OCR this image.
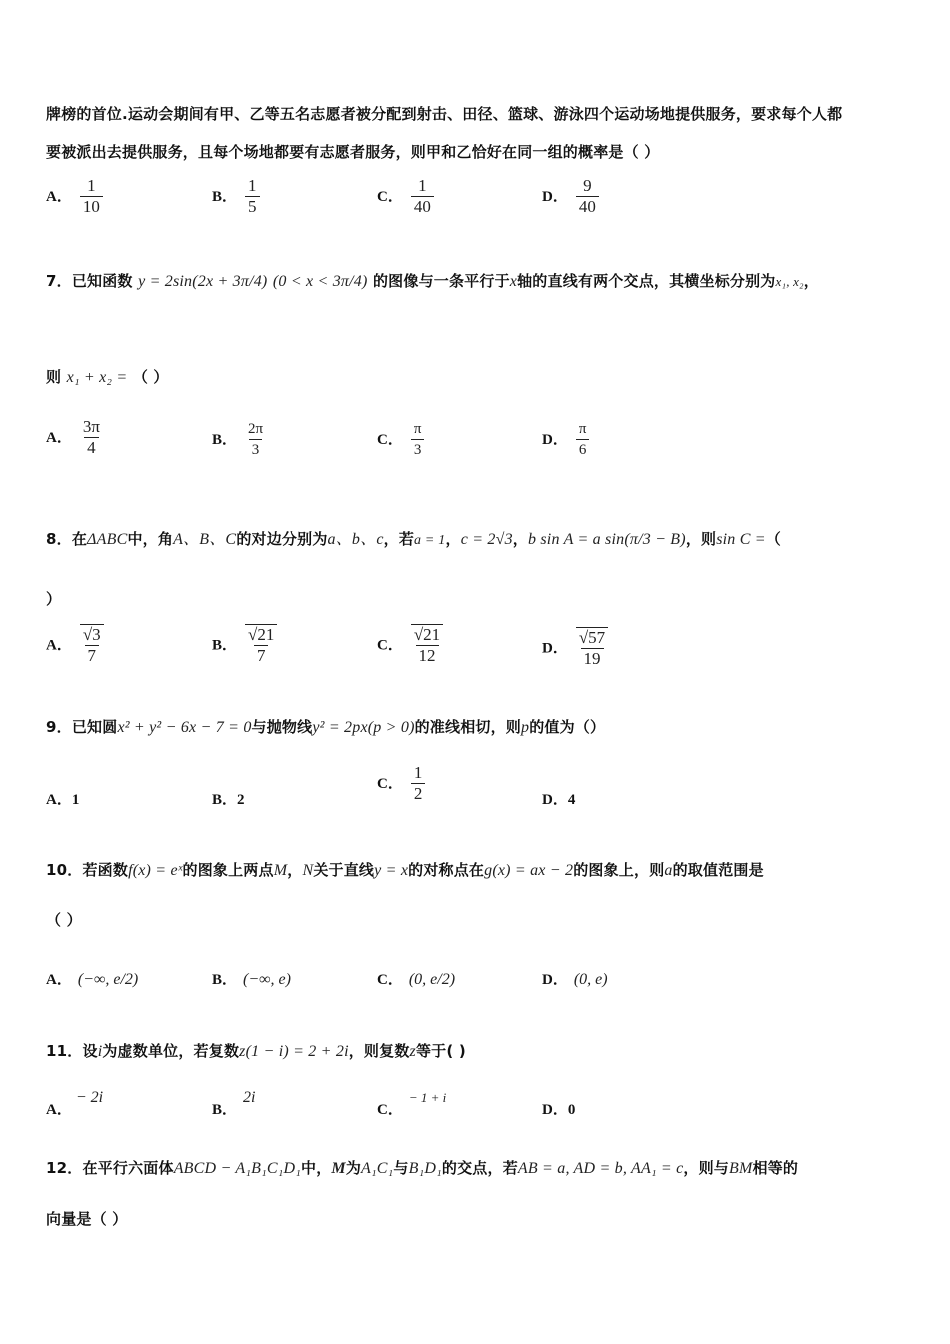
牌榜的首位.运动会期间有甲、乙等五名志愿者被分配到射击、田径、篮球、游泳四个运动场地提供服务，要求每个人都
要被派出去提供服务，且每个场地都要有志愿者服务，则甲和乙恰好在同一组的概率是（ ）
A． $\frac{1}{10}$	B． $\frac{1}{5}$	C． $\frac{1}{40}$	D． $\frac{9}{40}$
7．已知函数 y = 2sin(2x + 3π/4) (0 < x < 3π/4) 的图像与一条平行于x轴的直线有两个交点，其横坐标分别为x₁, x₂，
则 x₁ + x₂ = （ ）
A． $\frac{3\pi}{4}$	B． $\frac{2\pi}{3}$	C． $\frac{\pi}{3}$	D． $\frac{\pi}{6}$
8．在ΔABC中，角A、B、C的对边分别为a、b、c，若a = 1，c = 2√3，b sin A = a sin(π/3 − B)，则sin C =（
）
A． $\frac{√3}{7}$	B． $\frac{√21}{7}$	C． $\frac{√21}{12}$	D． $\frac{√57}{19}$
9．已知圆x² + y² − 6x − 7 = 0与抛物线y² = 2px(p > 0)的准线相切，则p的值为（）
A．1	B．2
C． $\frac{1}{2}$	D．4
10．若函数f(x) = eˣ的图象上两点M，N关于直线y = x的对称点在g(x) = ax − 2的图象上，则a的取值范围是
（ ）
A． (−∞, e/2)	B． (−∞, e)	C． (0, e/2)	D． (0, e)
11．设i为虚数单位，若复数z(1 − i) = 2 + 2i，则复数z等于( )
A．− 2i
B．2i
C．− 1 + i
D．0
12．在平行六面体ABCD − A₁B₁C₁D₁中，M为A₁C₁与B₁D₁的交点，若AB = a, AD = b, AA₁ = c，则与BM相等的
向量是（ ）
